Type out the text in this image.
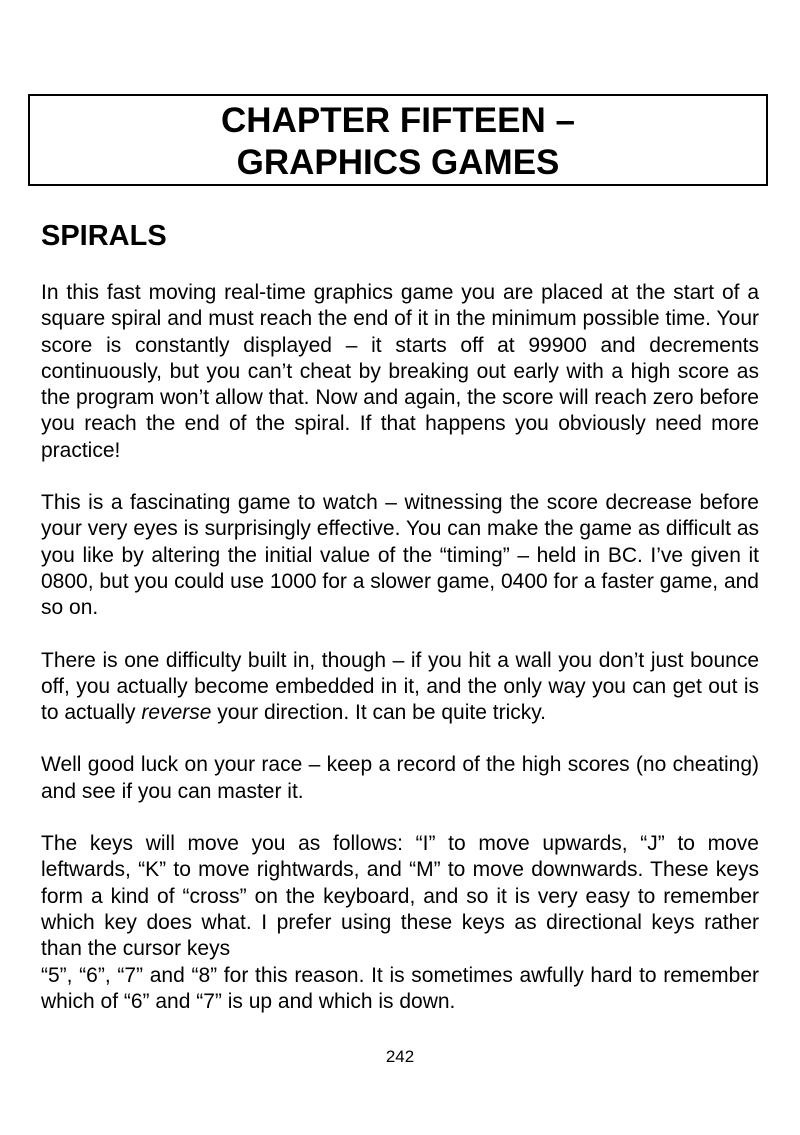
CHAPTER FIFTEEN –
GRAPHICS GAMES
SPIRALS

In this fast moving real-time graphics game you are placed at the start of a square spiral and must reach the end of it in the minimum possible time. Your score is constantly displayed – it starts off at 99900 and decrements continuously, but you can’t cheat by breaking out early with a high score as the program won’t allow that. Now and again, the score will reach zero before you reach the end of the spiral. If that happens you obviously need more practice!

This is a fascinating game to watch – witnessing the score decrease before your very eyes is surprisingly effective. You can make the game as difficult as you like by altering the initial value of the “timing” – held in BC. I’ve given it 0800, but you could use 1000 for a slower game, 0400 for a faster game, and so on.

There is one difficulty built in, though – if you hit a wall you don’t just bounce off, you actually become embedded in it, and the only way you can get out is to actually reverse your direction. It can be quite tricky.

Well good luck on your race – keep a record of the high scores (no cheating) and see if you can master it.

The keys will move you as follows: “I” to move upwards, “J” to move leftwards, “K” to move rightwards, and “M” to move downwards. These keys form a kind of “cross” on the keyboard, and so it is very easy to remember which key does what. I prefer using these keys as directional keys rather than the cursor keys
“5”, “6”, “7” and “8” for this reason. It is sometimes awfully hard to remember which of “6” and “7” is up and which is down.

242
